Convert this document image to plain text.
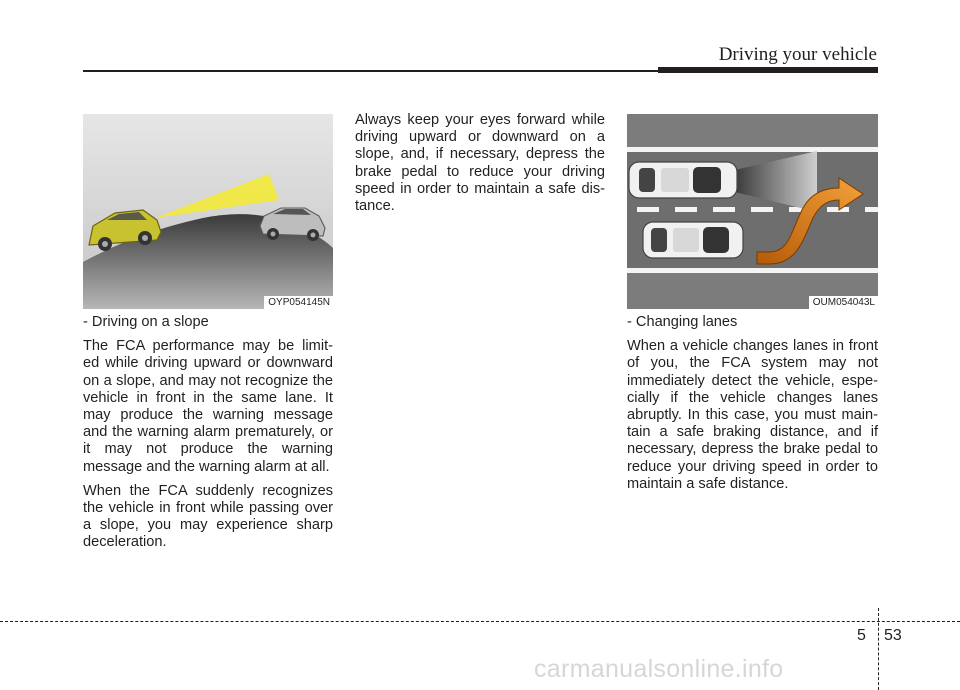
Driving your vehicle
OYP054145N	OUM054043L

- Driving on a slope

The FCA performance may be limit- ed while driving upward or downward on a slope, and may not recognize the vehicle in front in the same lane. It may produce the warning message and the warning alarm prematurely, or it may not produce the warning message and the warning alarm at all.

When the FCA suddenly recognizes the vehicle in front while passing over a slope, you may experience sharp deceleration.

Always keep your eyes forward while driving upward or downward on a slope, and, if necessary, depress the brake pedal to reduce your driving speed in order to maintain a safe dis- tance.

- Changing lanes

When a vehicle changes lanes in front of you, the FCA system may not immediately detect the vehicle, espe- cially if the vehicle changes lanes abruptly. In this case, you must main- tain a safe braking distance, and if necessary, depress the brake pedal to reduce your driving speed in order to maintain a safe distance.

5 53
carmanualsonline.info
